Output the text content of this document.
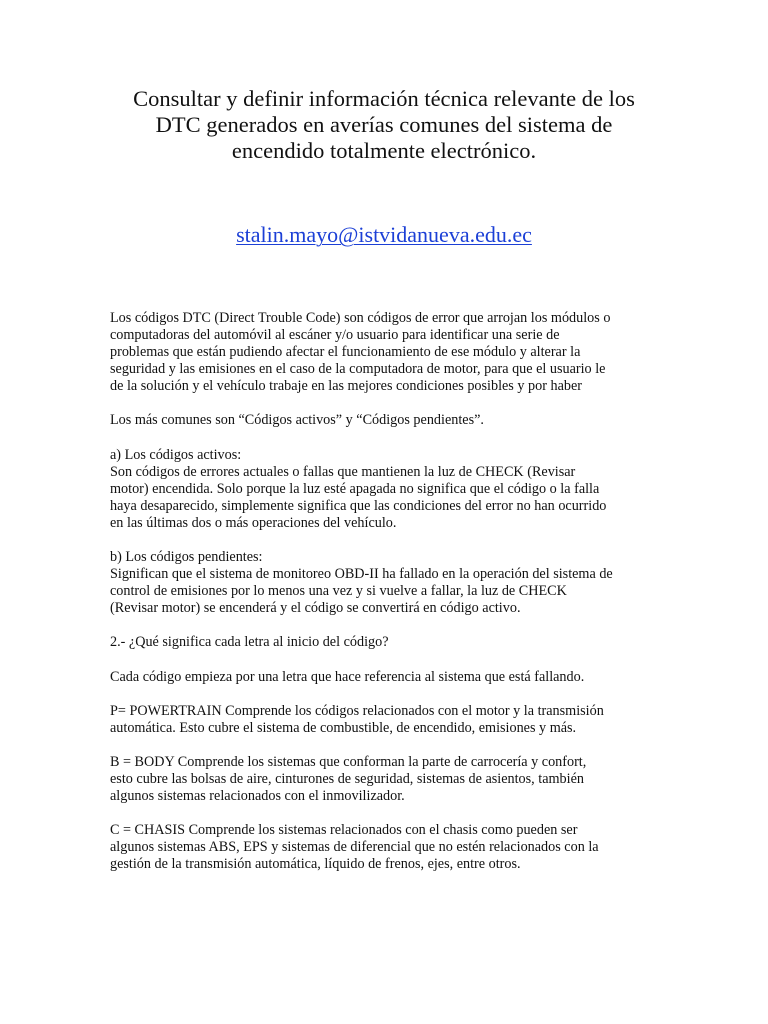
Consultar y definir información técnica relevante de los
DTC generados en averías comunes del sistema de
encendido totalmente electrónico.
stalin.mayo@istvidanueva.edu.ec

Los códigos DTC (Direct Trouble Code) son códigos de error que arrojan los módulos o
computadoras del automóvil al escáner y/o usuario para identificar una serie de
problemas que están pudiendo afectar el funcionamiento de ese módulo y alterar la
seguridad y las emisiones en el caso de la computadora de motor, para que el usuario le
de la solución y el vehículo trabaje en las mejores condiciones posibles y por haber

Los más comunes son “Códigos activos” y “Códigos pendientes”.

a) Los códigos activos:
Son códigos de errores actuales o fallas que mantienen la luz de CHECK (Revisar
motor) encendida. Solo porque la luz esté apagada no significa que el código o la falla
haya desaparecido, simplemente significa que las condiciones del error no han ocurrido
en las últimas dos o más operaciones del vehículo.

b) Los códigos pendientes:
Significan que el sistema de monitoreo OBD-II ha fallado en la operación del sistema de
control de emisiones por lo menos una vez y si vuelve a fallar, la luz de CHECK
(Revisar motor) se encenderá y el código se convertirá en código activo.

2.- ¿Qué significa cada letra al inicio del código?

Cada código empieza por una letra que hace referencia al sistema que está fallando.

P= POWERTRAIN Comprende los códigos relacionados con el motor y la transmisión
automática. Esto cubre el sistema de combustible, de encendido, emisiones y más.

B = BODY Comprende los sistemas que conforman la parte de carrocería y confort,
esto cubre las bolsas de aire, cinturones de seguridad, sistemas de asientos, también
algunos sistemas relacionados con el inmovilizador.

C = CHASIS Comprende los sistemas relacionados con el chasis como pueden ser
algunos sistemas ABS, EPS y sistemas de diferencial que no estén relacionados con la
gestión de la transmisión automática, líquido de frenos, ejes, entre otros.
